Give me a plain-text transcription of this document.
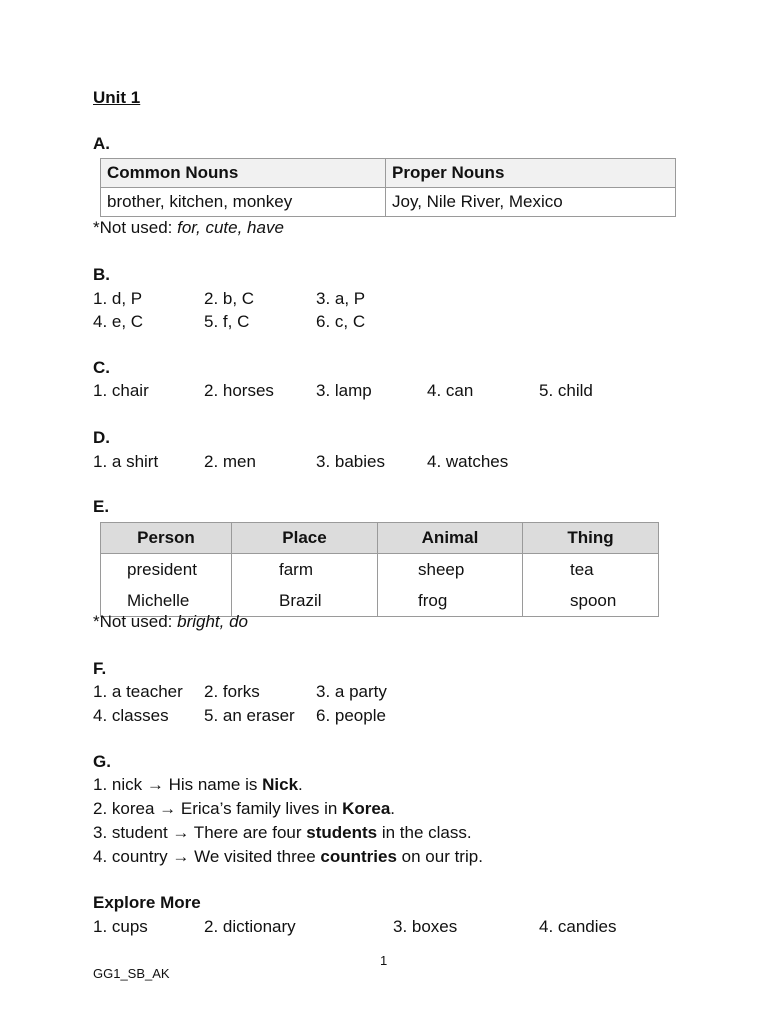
Unit 1
A.
Common Nouns	Proper Nouns
brother, kitchen, monkey	Joy, Nile River, Mexico
*Not used: for, cute, have
B.
1. d, P	2. b, C	3. a, P
4. e, C	5. f, C	6. c, C
C.
1. chair	2. horses 3. lamp	4. can	5. child
D.
1. a shirt	2. men	3. babies 4. watches
E.
Person	Place	Animal	Thing
president	farm	sheep	tea
Michelle	Brazil	frog	spoon
*Not used: bright, do
F.
1. a teacher 2. forks	3. a party
4. classes 5. an eraser 6. people
G.
1. nick → His name is Nick.
2. korea → Erica’s family lives in Korea.
3. student → There are four students in the class.
4. country → We visited three countries on our trip.
Explore More
1. cups	2. dictionary	3. boxes	4. candies
1
GG1_SB_AK
